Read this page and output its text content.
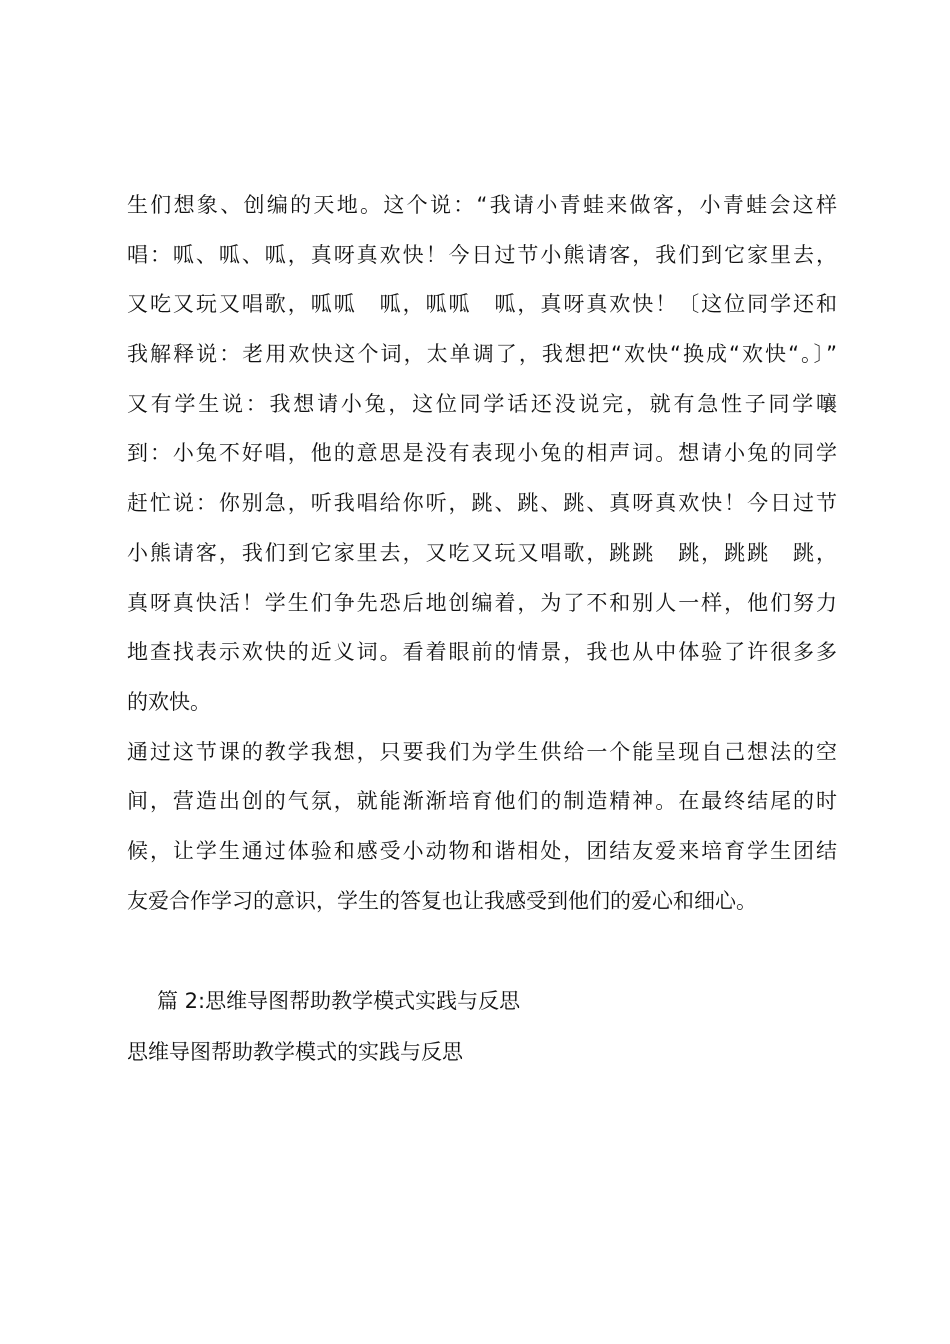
生们想象、创编的天地。这个说：“我请小青蛙来做客，小青蛙会这样
唱：呱、呱、呱，真呀真欢快！今日过节小熊请客，我们到它家里去，
又吃又玩又唱歌，呱呱　呱，呱呱　呱，真呀真欢快！〔这位同学还和
我解释说：老用欢快这个词，太单调了，我想把“欢快“换成“欢快“。〕”
又有学生说：我想请小兔，这位同学话还没说完，就有急性子同学嚷
到：小兔不好唱，他的意思是没有表现小兔的相声词。想请小兔的同学
赶忙说：你别急，听我唱给你听，跳、跳、跳、真呀真欢快！今日过节
小熊请客，我们到它家里去，又吃又玩又唱歌，跳跳　跳，跳跳　跳，
真呀真快活！学生们争先恐后地创编着，为了不和别人一样，他们努力
地查找表示欢快的近义词。看着眼前的情景，我也从中体验了许很多多
的欢快。
通过这节课的教学我想，只要我们为学生供给一个能呈现自己想法的空
间，营造出创的气氛，就能渐渐培育他们的制造精神。在最终结尾的时
候，让学生通过体验和感受小动物和谐相处，团结友爱来培育学生团结
友爱合作学习的意识，学生的答复也让我感受到他们的爱心和细心。
篇 2:思维导图帮助教学模式实践与反思
思维导图帮助教学模式的实践与反思
